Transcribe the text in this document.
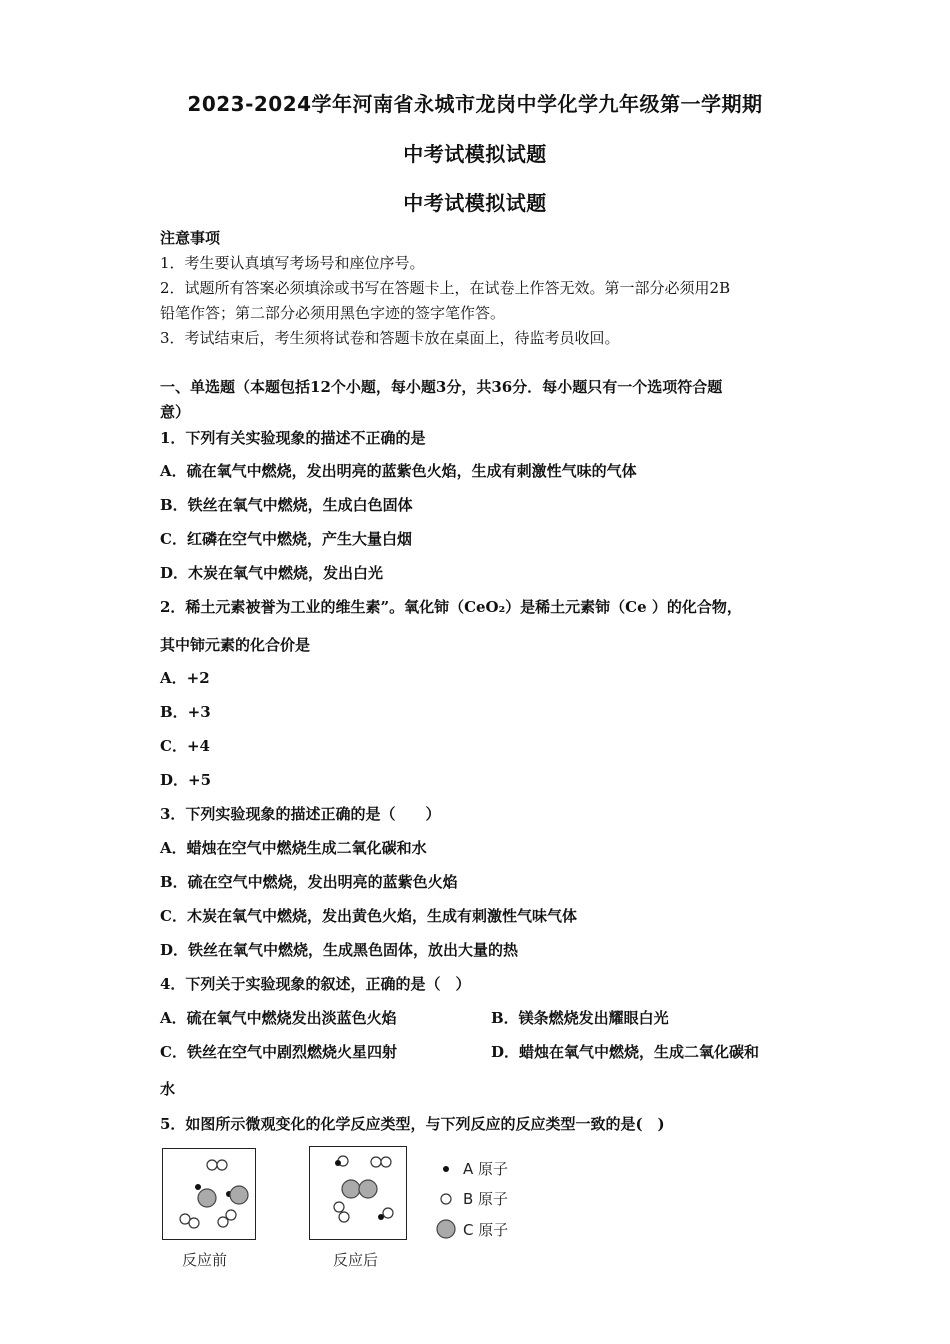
2023-2024学年河南省永城市龙岗中学化学九年级第一学期期
中考试模拟试题
中考试模拟试题
注意事项
1．考生要认真填写考场号和座位序号。
2．试题所有答案必须填涂或书写在答题卡上，在试卷上作答无效。第一部分必须用2B
铅笔作答；第二部分必须用黑色字迹的签字笔作答。
3．考试结束后，考生须将试卷和答题卡放在桌面上，待监考员收回。
一、单选题（本题包括12个小题，每小题3分，共36分．每小题只有一个选项符合题
意）
1．下列有关实验现象的描述不正确的是
A．硫在氧气中燃烧，发出明亮的蓝紫色火焰，生成有刺激性气味的气体
B．铁丝在氧气中燃烧，生成白色固体
C．红磷在空气中燃烧，产生大量白烟
D．木炭在氧气中燃烧，发出白光
2．稀土元素被誉为工业的维生素”。氧化铈（CeO₂）是稀土元素铈（Ce ）的化合物，
其中铈元素的化合价是
A．+2
B．+3
C．+4
D．+5
3．下列实验现象的描述正确的是（　　）
A．蜡烛在空气中燃烧生成二氧化碳和水
B．硫在空气中燃烧，发出明亮的蓝紫色火焰
C．木炭在氧气中燃烧，发出黄色火焰，生成有刺激性气味气体
D．铁丝在氧气中燃烧，生成黑色固体，放出大量的热
4．下列关于实验现象的叙述，正确的是（　）
A．硫在氧气中燃烧发出淡蓝色火焰	B．镁条燃烧发出耀眼白光
C．铁丝在空气中剧烈燃烧火星四射	D．蜡烛在氧气中燃烧，生成二氧化碳和
水
5．如图所示微观变化的化学反应类型，与下列反应的反应类型一致的是(　)
反应前	反应后
A 原子
B 原子
C 原子
